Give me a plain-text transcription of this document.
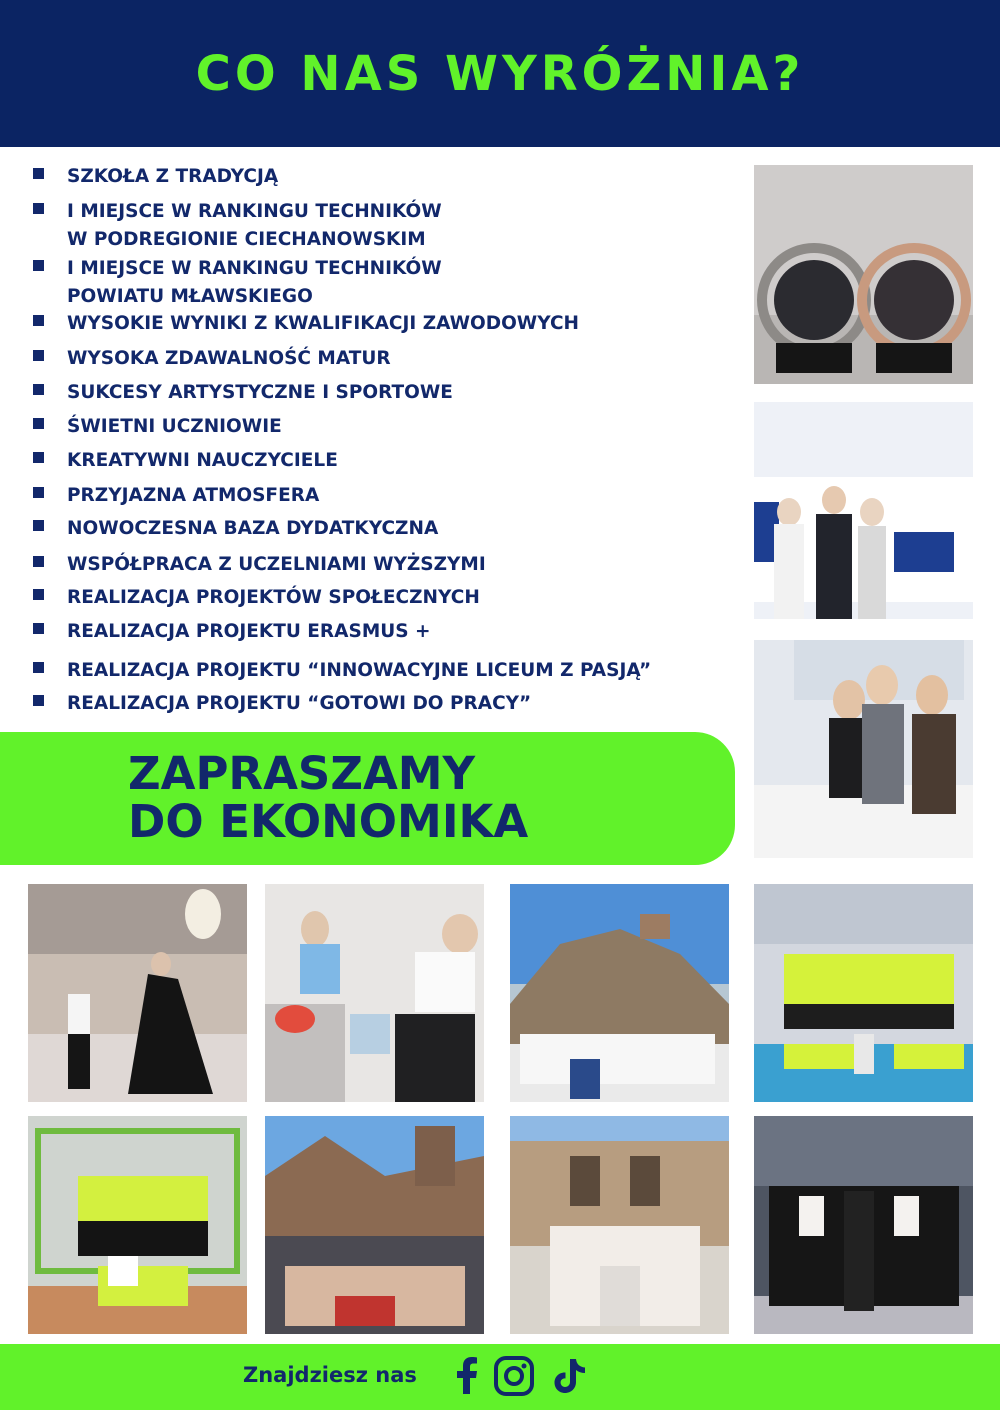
CO NAS WYRÓŻNIA?
SZKOŁA Z TRADYCJĄ
I MIEJSCE W RANKINGU TECHNIKÓW
W PODREGIONIE CIECHANOWSKIM
I MIEJSCE W RANKINGU TECHNIKÓW
POWIATU MŁAWSKIEGO
WYSOKIE WYNIKI Z KWALIFIKACJI ZAWODOWYCH
WYSOKA ZDAWALNOŚĆ MATUR
SUKCESY ARTYSTYCZNE I SPORTOWE
ŚWIETNI UCZNIOWIE
KREATYWNI NAUCZYCIELE
PRZYJAZNA ATMOSFERA
NOWOCZESNA BAZA DYDATKYCZNA
WSPÓŁPRACA Z UCZELNIAMI WYŻSZYMI
REALIZACJA PROJEKTÓW SPOŁECZNYCH
REALIZACJA PROJEKTU ERASMUS +
REALIZACJA PROJEKTU “INNOWACYJNE LICEUM Z PASJĄ”
REALIZACJA PROJEKTU “GOTOWI DO PRACY”
ZAPRASZAMY
DO EKONOMIKA
Znajdziesz nas
